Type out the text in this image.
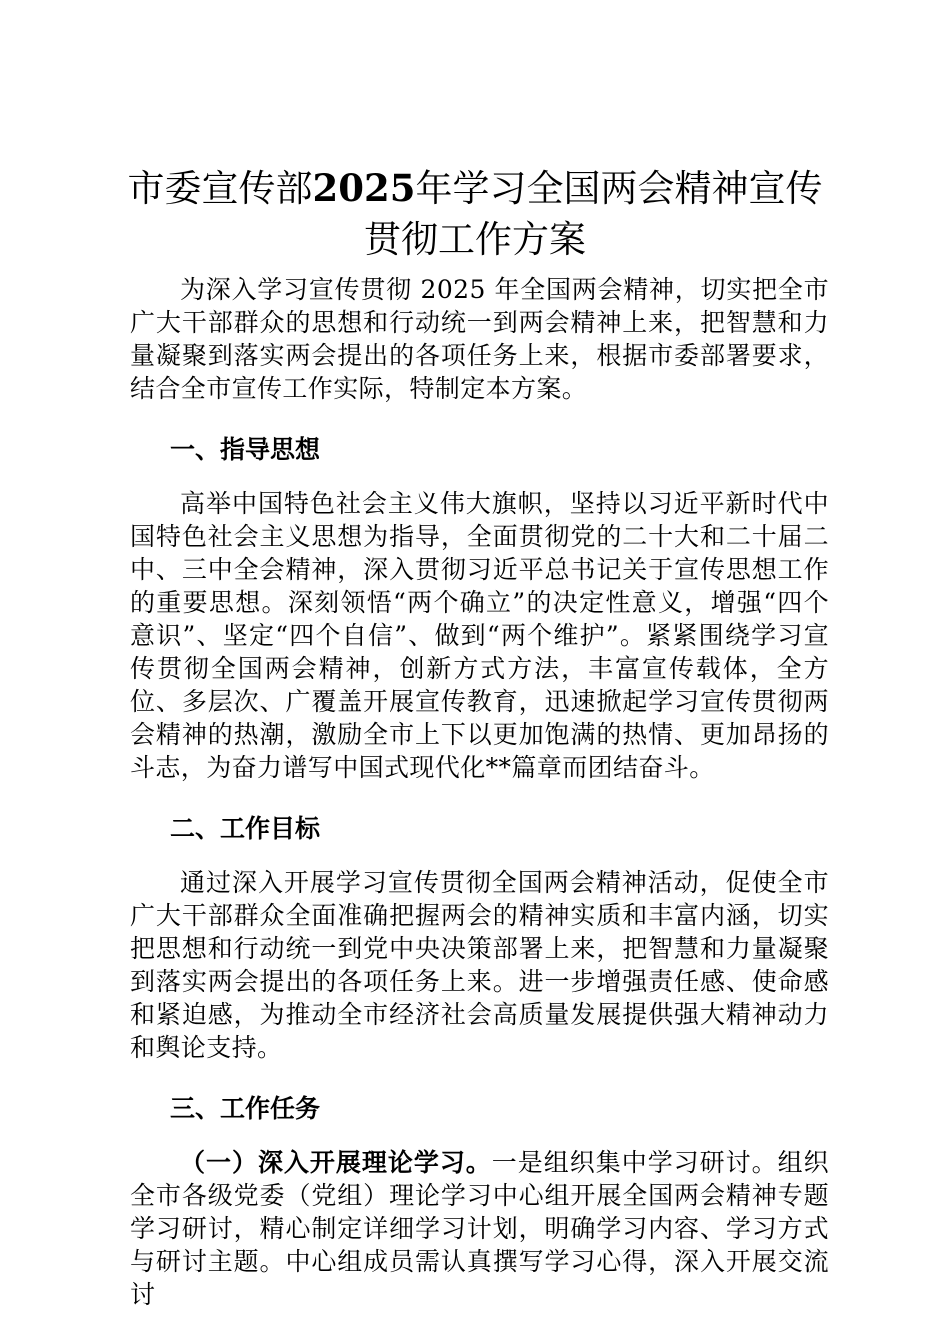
市委宣传部2025年学习全国两会精神宣传贯彻工作方案

为深入学习宣传贯彻 2025 年全国两会精神，切实把全市广大干部群众的思想和行动统一到两会精神上来，把智慧和力量凝聚到落实两会提出的各项任务上来，根据市委部署要求，结合全市宣传工作实际，特制定本方案。

一、指导思想

高举中国特色社会主义伟大旗帜，坚持以习近平新时代中国特色社会主义思想为指导，全面贯彻党的二十大和二十届二中、三中全会精神，深入贯彻习近平总书记关于宣传思想工作的重要思想。深刻领悟“两个确立”的决定性意义，增强“四个意识”、坚定“四个自信”、做到“两个维护”。紧紧围绕学习宣传贯彻全国两会精神，创新方式方法，丰富宣传载体，全方位、多层次、广覆盖开展宣传教育，迅速掀起学习宣传贯彻两会精神的热潮，激励全市上下以更加饱满的热情、更加昂扬的斗志，为奋力谱写中国式现代化**篇章而团结奋斗。

二、工作目标

通过深入开展学习宣传贯彻全国两会精神活动，促使全市广大干部群众全面准确把握两会的精神实质和丰富内涵，切实把思想和行动统一到党中央决策部署上来，把智慧和力量凝聚到落实两会提出的各项任务上来。进一步增强责任感、使命感和紧迫感，为推动全市经济社会高质量发展提供强大精神动力和舆论支持。

三、工作任务

（一）深入开展理论学习。一是组织集中学习研讨。组织全市各级党委（党组）理论学习中心组开展全国两会精神专题学习研讨，精心制定详细学习计划，明确学习内容、学习方式与研讨主题。中心组成员需认真撰写学习心得，深入开展交流讨
